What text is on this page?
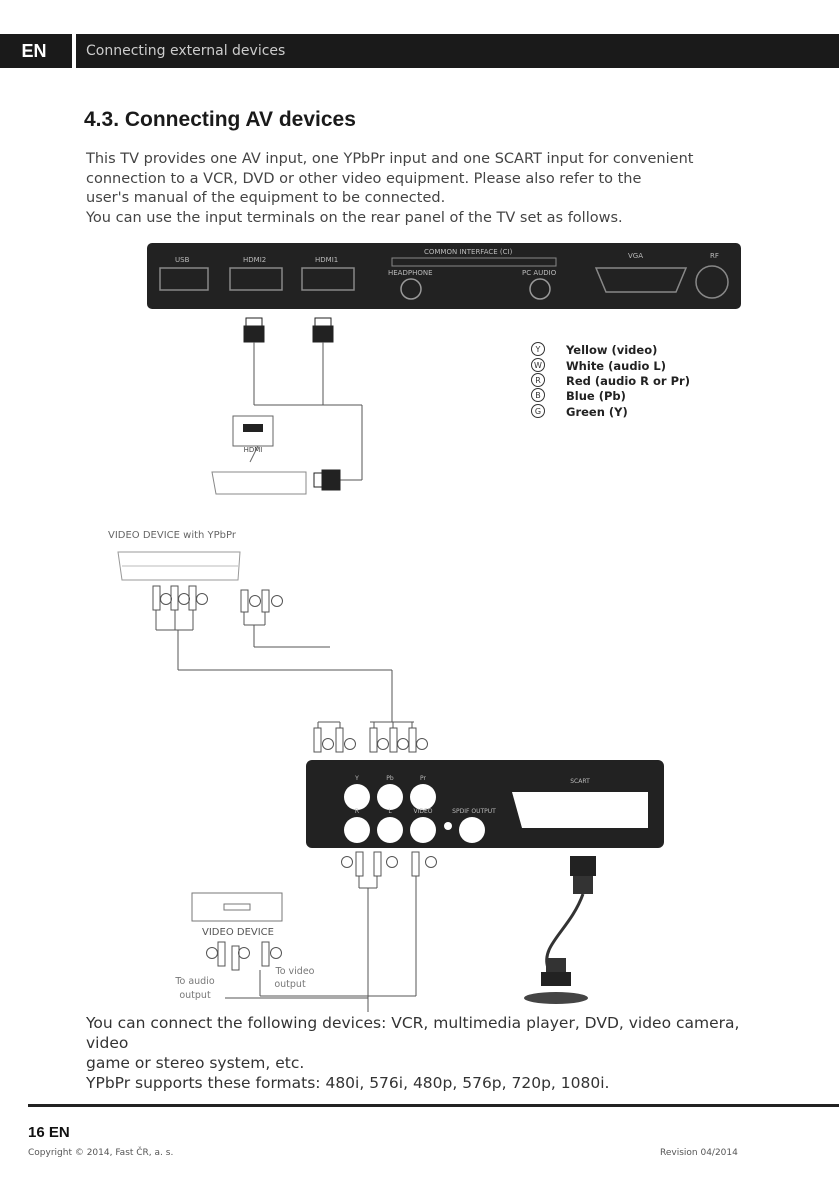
EN	Connecting external devices
4.3. Connecting AV devices

This TV provides one AV input, one YPbPr input and one SCART input for convenient

connection to a VCR, DVD or other video equipment. Please also refer to the

user's manual of the equipment to be connected.

You can use the input terminals on the rear panel of the TV set as follows.

USB	HDMI2	HDMI1
COMMON INTERFACE (CI)
HEADPHONE	PC AUDIO
VGA	RF
HDMI
Y Yellow (video)
W White (audio L)
R Red (audio R or Pr)
B Blue (Pb)
G Green (Y)
VIDEO DEVICE with YPbPr
Y	Pb	Pr	SCART
R	L	VIDEO	SPDIF OUTPUT
VIDEO DEVICE
To audio
output
To video
output

You can connect the following devices: VCR, multimedia player, DVD, video camera, video

game or stereo system, etc.

YPbPr supports these formats: 480i, 576i, 480p, 576p, 720p, 1080i.

16 EN
Copyright © 2014, Fast ČR, a. s.	Revision 04/2014
